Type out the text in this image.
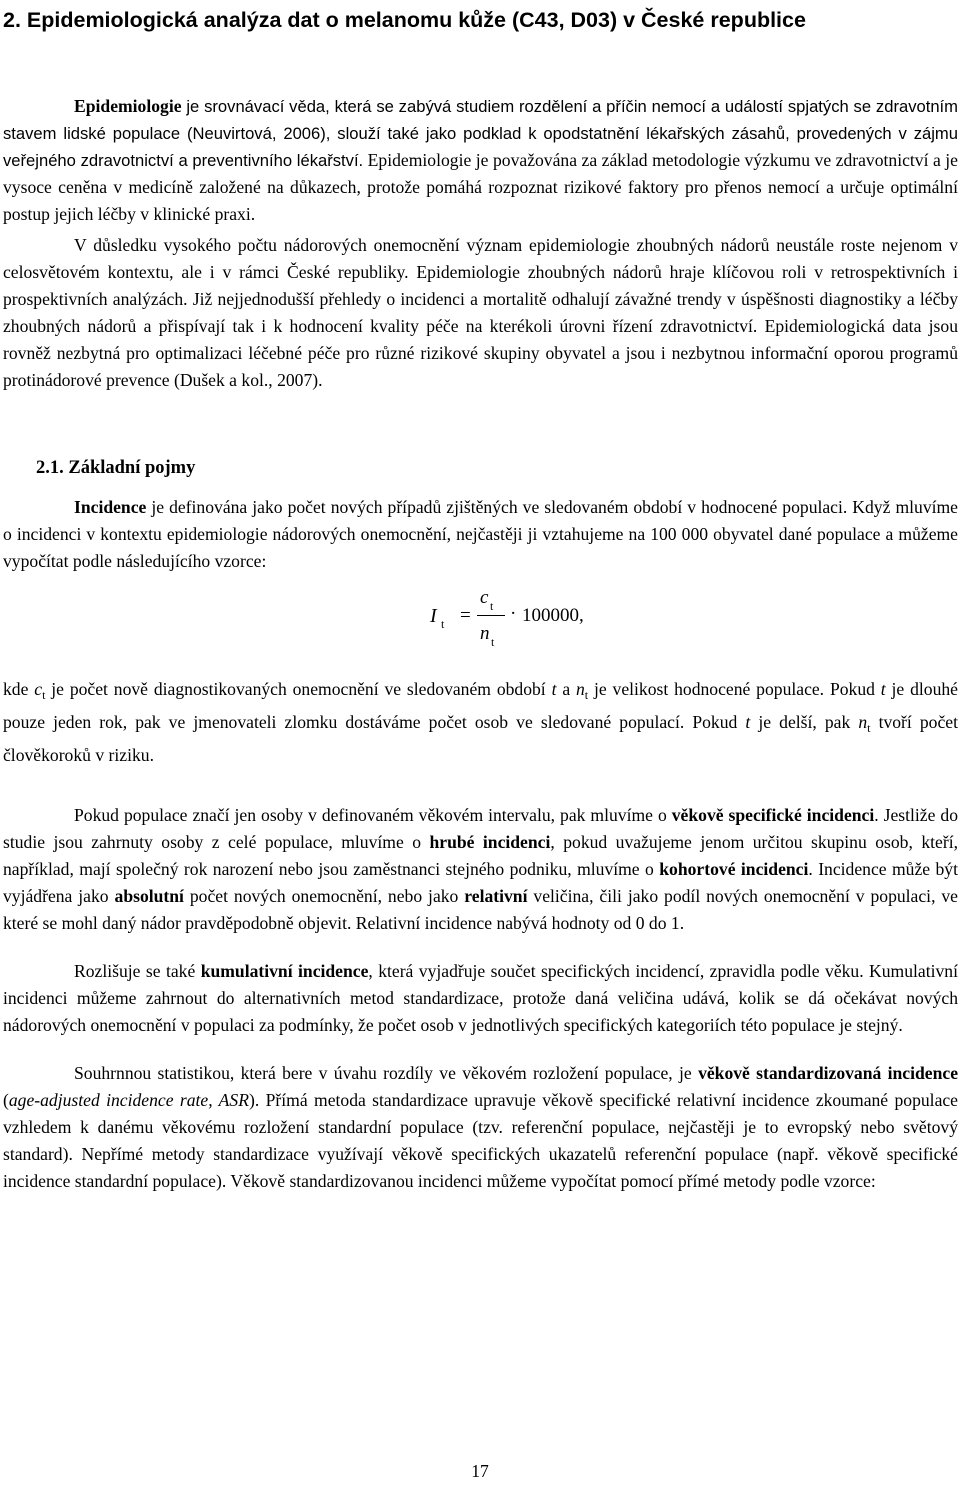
2. Epidemiologická analýza dat o melanomu kůže (C43, D03) v České republice

Epidemiologie je srovnávací věda, která se zabývá studiem rozdělení a příčin nemocí a událostí spjatých se zdravotním stavem lidské populace (Neuvirtová, 2006), slouží také jako podklad k opodstatnění lékařských zásahů, provedených v zájmu veřejného zdravotnictví a preventivního lékařství. Epidemiologie je považována za základ metodologie výzkumu ve zdravotnictví a je vysoce ceněna v medicíně založené na důkazech, protože pomáhá rozpoznat rizikové faktory pro přenos nemocí a určuje optimální postup jejich léčby v klinické praxi.

V důsledku vysokého počtu nádorových onemocnění význam epidemiologie zhoubných nádorů neustále roste nejenom v celosvětovém kontextu, ale i v rámci České republiky. Epidemiologie zhoubných nádorů hraje klíčovou roli v retrospektivních i prospektivních analýzách. Již nejjednodušší přehledy o incidenci a mortalitě odhalují závažné trendy v úspěšnosti diagnostiky a léčby zhoubných nádorů a přispívají tak i k hodnocení kvality péče na kterékoli úrovni řízení zdravotnictví. Epidemiologická data jsou rovněž nezbytná pro optimalizaci léčebné péče pro různé rizikové skupiny obyvatel a jsou i nezbytnou informační oporou programů protinádorové prevence (Dušek a kol., 2007).

2.1. Základní pojmy

Incidence je definována jako počet nových případů zjištěných ve sledovaném období v hodnocené populaci. Když mluvíme o incidenci v kontextu epidemiologie nádorových onemocnění, nejčastěji ji vztahujeme na 100 000 obyvatel dané populace a můžeme vypočítat podle následujícího vzorce:

I t =
c t
n t
· 100000,

kde $c_t$ je počet nově diagnostikovaných onemocnění ve sledovaném období t a $n_t$ je velikost hodnocené populace. Pokud t je dlouhé pouze jeden rok, pak ve jmenovateli zlomku dostáváme počet osob ve sledované populací. Pokud t je delší, pak $n_t$ tvoří počet člověkoroků v riziku.

Pokud populace značí jen osoby v definovaném věkovém intervalu, pak mluvíme o věkově specifické incidenci. Jestliže do studie jsou zahrnuty osoby z celé populace, mluvíme o hrubé incidenci, pokud uvažujeme jenom určitou skupinu osob, kteří, například, mají společný rok narození nebo jsou zaměstnanci stejného podniku, mluvíme o kohortové incidenci. Incidence může být vyjádřena jako absolutní počet nových onemocnění, nebo jako relativní veličina, čili jako podíl nových onemocnění v populaci, ve které se mohl daný nádor pravděpodobně objevit. Relativní incidence nabývá hodnoty od 0 do 1.

Rozlišuje se také kumulativní incidence, která vyjadřuje součet specifických incidencí, zpravidla podle věku. Kumulativní incidenci můžeme zahrnout do alternativních metod standardizace, protože daná veličina udává, kolik se dá očekávat nových nádorových onemocnění v populaci za podmínky, že počet osob v jednotlivých specifických kategoriích této populace je stejný.

Souhrnnou statistikou, která bere v úvahu rozdíly ve věkovém rozložení populace, je věkově standardizovaná incidence (age-adjusted incidence rate, ASR). Přímá metoda standardizace upravuje věkově specifické relativní incidence zkoumané populace vzhledem k danému věkovému rozložení standardní populace (tzv. referenční populace, nejčastěji je to evropský nebo světový standard). Nepřímé metody standardizace využívají věkově specifických ukazatelů referenční populace (např. věkově specifické incidence standardní populace). Věkově standardizovanou incidenci můžeme vypočítat pomocí přímé metody podle vzorce:

17
